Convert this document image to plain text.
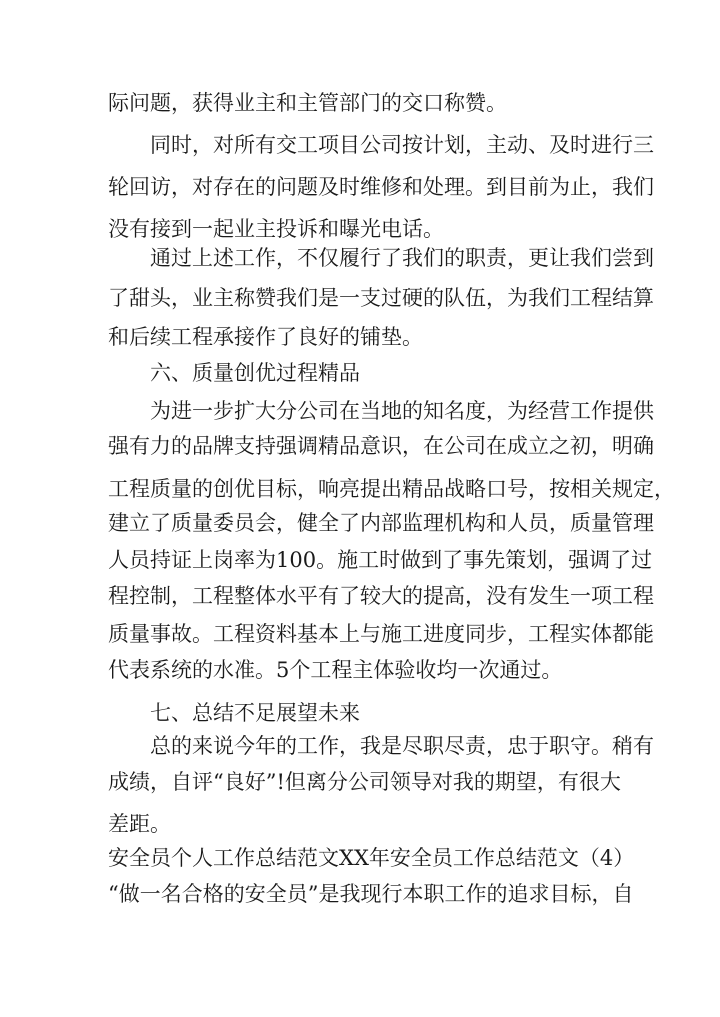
际问题，获得业主和主管部门的交口称赞。
同时，对所有交工项目公司按计划，主动、及时进行三
轮回访，对存在的问题及时维修和处理。到目前为止，我们
没有接到一起业主投诉和曝光电话。
通过上述工作，不仅履行了我们的职责，更让我们尝到
了甜头，业主称赞我们是一支过硬的队伍，为我们工程结算
和后续工程承接作了良好的铺垫。
六、质量创优过程精品
为进一步扩大分公司在当地的知名度，为经营工作提供
强有力的品牌支持强调精品意识，在公司在成立之初，明确
工程质量的创优目标，响亮提出精品战略口号，按相关规定，
建立了质量委员会，健全了内部监理机构和人员，质量管理
人员持证上岗率为100。施工时做到了事先策划，强调了过
程控制，工程整体水平有了较大的提高，没有发生一项工程
质量事故。工程资料基本上与施工进度同步，工程实体都能
代表系统的水准。5个工程主体验收均一次通过。
七、总结不足展望未来
总的来说今年的工作，我是尽职尽责，忠于职守。稍有
成绩，自评“良好”!但离分公司领导对我的期望，有很大
差距。
安全员个人工作总结范文XX年安全员工作总结范文（4）
“做一名合格的安全员”是我现行本职工作的追求目标，自
